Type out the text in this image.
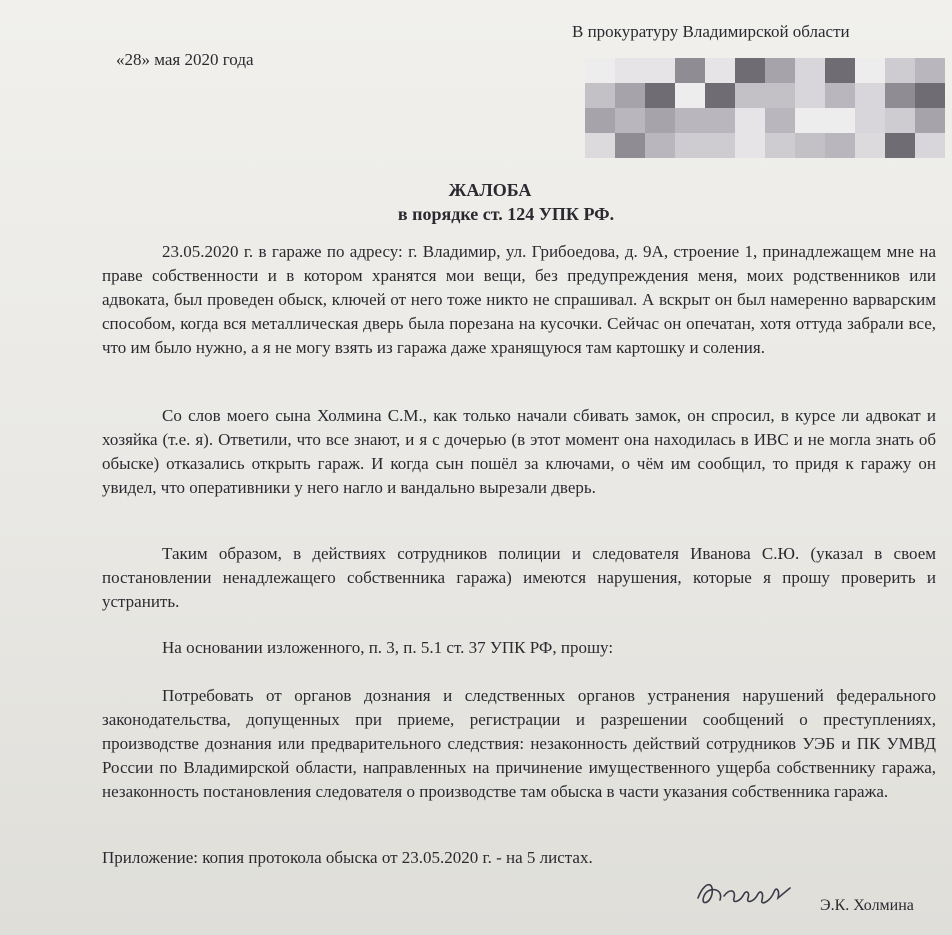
В прокуратуру Владимирской области
«28» мая 2020 года
ЖАЛОБА
в порядке ст. 124 УПК РФ.
23.05.2020 г. в гараже по адресу: г. Владимир, ул. Грибоедова, д. 9А, строение 1, принадлежащем мне на праве собственности и в котором хранятся мои вещи, без предупреждения меня, моих родственников или адвоката, был проведен обыск, ключей от него тоже никто не спрашивал. А вскрыт он был намеренно варварским способом, когда вся металлическая дверь была порезана на кусочки. Сейчас он опечатан, хотя оттуда забрали все, что им было нужно, а я не могу взять из гаража даже хранящуюся там картошку и соления.
Со слов моего сына Холмина С.М., как только начали сбивать замок, он спросил, в курсе ли адвокат и хозяйка (т.е. я). Ответили, что все знают, и я с дочерью (в этот момент она находилась в ИВС и не могла знать об обыске) отказались открыть гараж. И когда сын пошёл за ключами, о чём им сообщил, то придя к гаражу он увидел, что оперативники у него нагло и вандально вырезали дверь.
Таким образом, в действиях сотрудников полиции и следователя Иванова С.Ю. (указал в своем постановлении ненадлежащего собственника гаража) имеются нарушения, которые я прошу проверить и устранить.
На основании изложенного, п. 3, п. 5.1 ст. 37 УПК РФ, прошу:
Потребовать от органов дознания и следственных органов устранения нарушений федерального законодательства, допущенных при приеме, регистрации и разрешении сообщений о преступлениях, производстве дознания или предварительного следствия: незаконность действий сотрудников УЭБ и ПК УМВД России по Владимирской области, направленных на причинение имущественного ущерба собственнику гаража, незаконность постановления следователя о производстве там обыска в части указания собственника гаража.
Приложение: копия протокола обыска от 23.05.2020 г. - на 5 листах.
Э.К. Холмина
